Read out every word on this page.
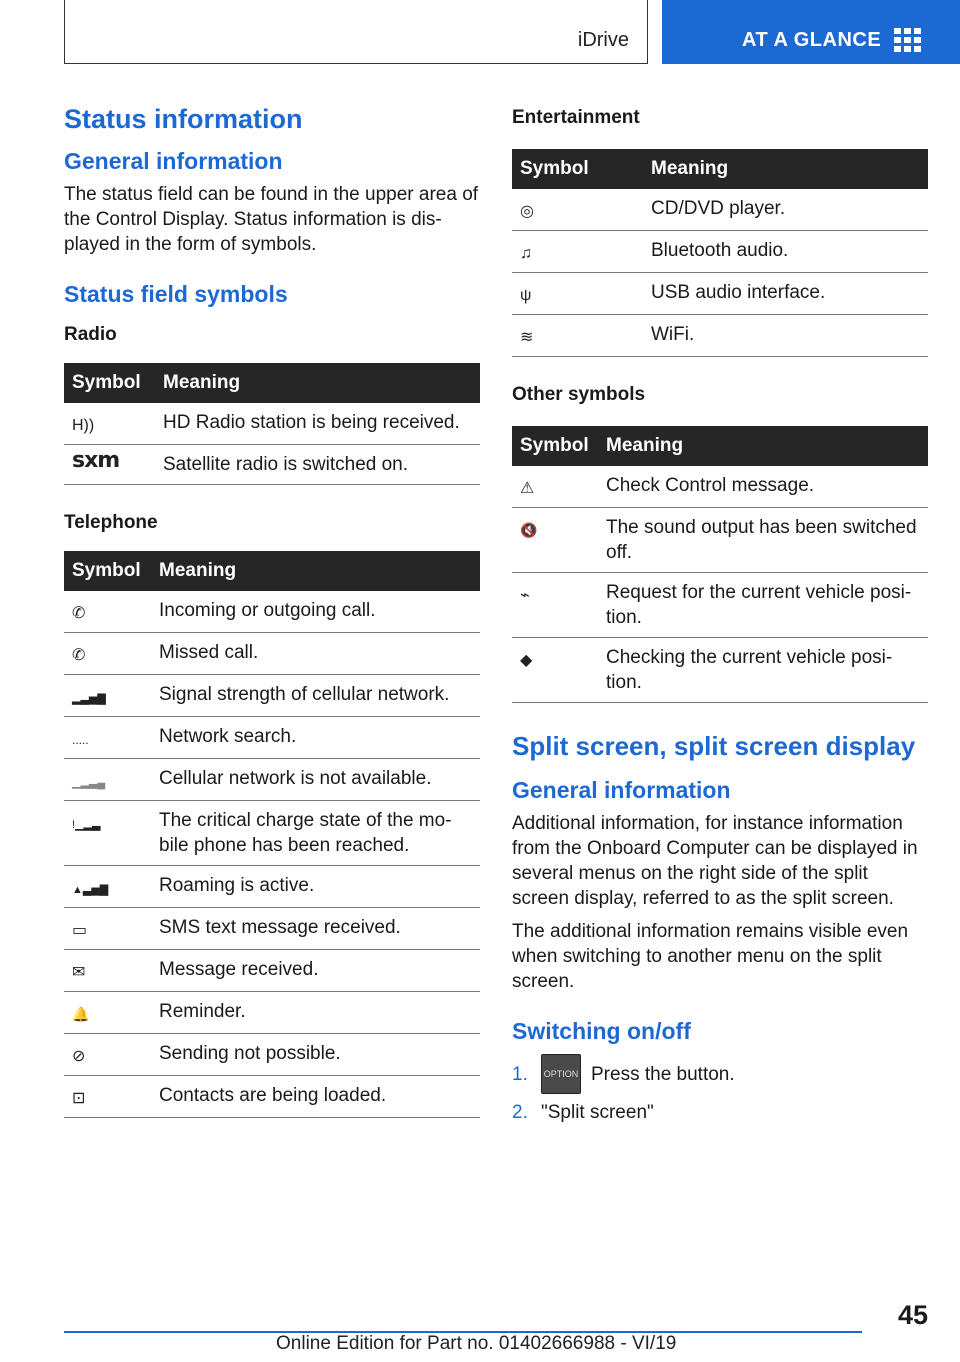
iDrive	AT A GLANCE
Status information
General information

The status field can be found in the upper area of the Control Display. Status information is displayed in the form of symbols.

Status field symbols
Radio
Symbol	Meaning
H))	HD Radio station is being received.
sxm	Satellite radio is switched on.
Telephone
Symbol	Meaning
✆	Incoming or outgoing call.
✆	Missed call.
▂▃▅▇	Signal strength of cellular network.
.....	Network search.
▁▂▃▄	Cellular network is not available.
!▁▂▃	The critical charge state of the mobile phone has been reached.
▲▃▅▇	Roaming is active.
▭	SMS text message received.
✉	Message received.
🔔	Reminder.
⊘	Sending not possible.
⊡	Contacts are being loaded.
Entertainment
Symbol	Meaning
◎	CD/DVD player.
♫	Bluetooth audio.
ψ	USB audio interface.
≋	WiFi.
Other symbols
Symbol	Meaning
⚠	Check Control message.
🔇	The sound output has been switched off.
⌁	Request for the current vehicle position.
◆	Checking the current vehicle position.
Split screen, split screen display
General information

Additional information, for instance information from the Onboard Computer can be displayed in several menus on the right side of the split screen display, referred to as the split screen.

The additional information remains visible even when switching to another menu on the split screen.

Switching on/off
1.	OPTION Press the button.
2. "Split screen"
45
Online Edition for Part no. 01402666988 - VI/19
